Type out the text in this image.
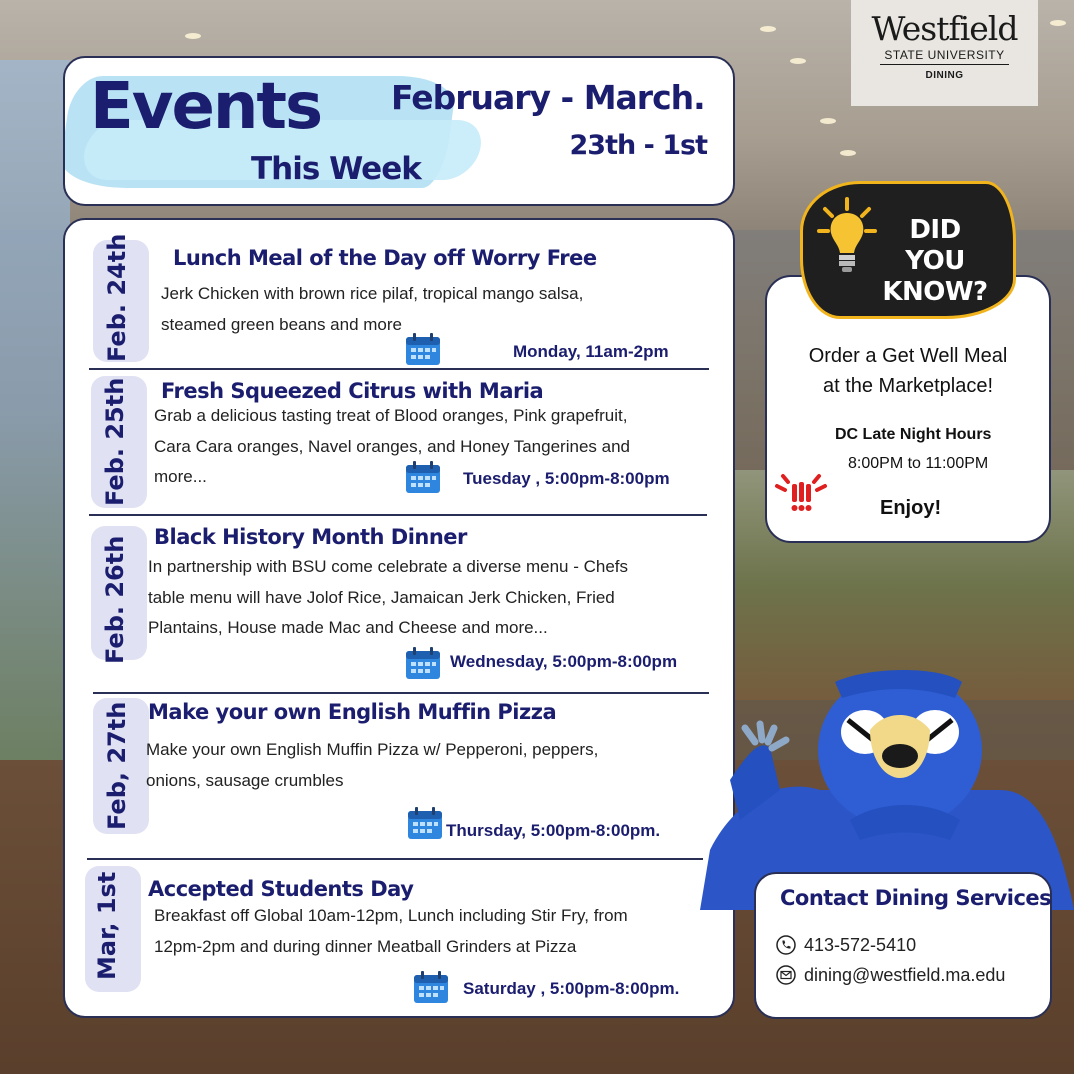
Westfield
STATE UNIVERSITY
DINING
Events
This Week
February - March.
23th - 1st
Feb. 24th Lunch Meal of the Day off Worry Free
Jerk Chicken with brown rice pilaf, tropical mango salsa,
steamed green beans and more
Monday, 11am-2pm
Feb. 25th Fresh Squeezed Citrus with Maria
Grab a delicious tasting treat of Blood oranges, Pink grapefruit,
Cara Cara oranges, Navel oranges, and Honey Tangerines and
more...	Tuesday , 5:00pm-8:00pm
Feb. 26th Black History Month Dinner
In partnership with BSU come celebrate a diverse menu - Chefs
table menu will have Jolof Rice, Jamaican Jerk Chicken, Fried
Plantains, House made Mac and Cheese and more...
Wednesday, 5:00pm-8:00pm
Feb, 27th Make your own English Muffin Pizza
Make your own English Muffin Pizza w/ Pepperoni, peppers,
onions, sausage crumbles
Thursday, 5:00pm-8:00pm.
Mar, 1st Accepted Students Day
Breakfast off Global 10am-12pm, Lunch including Stir Fry, from
12pm-2pm and during dinner Meatball Grinders at Pizza
Saturday , 5:00pm-8:00pm.
DID YOU
KNOW?
Order a Get Well Meal
at the Marketplace!
DC Late Night Hours
8:00PM to 11:00PM
Enjoy!
Contact Dining Services
413-572-5410
dining@westfield.ma.edu
